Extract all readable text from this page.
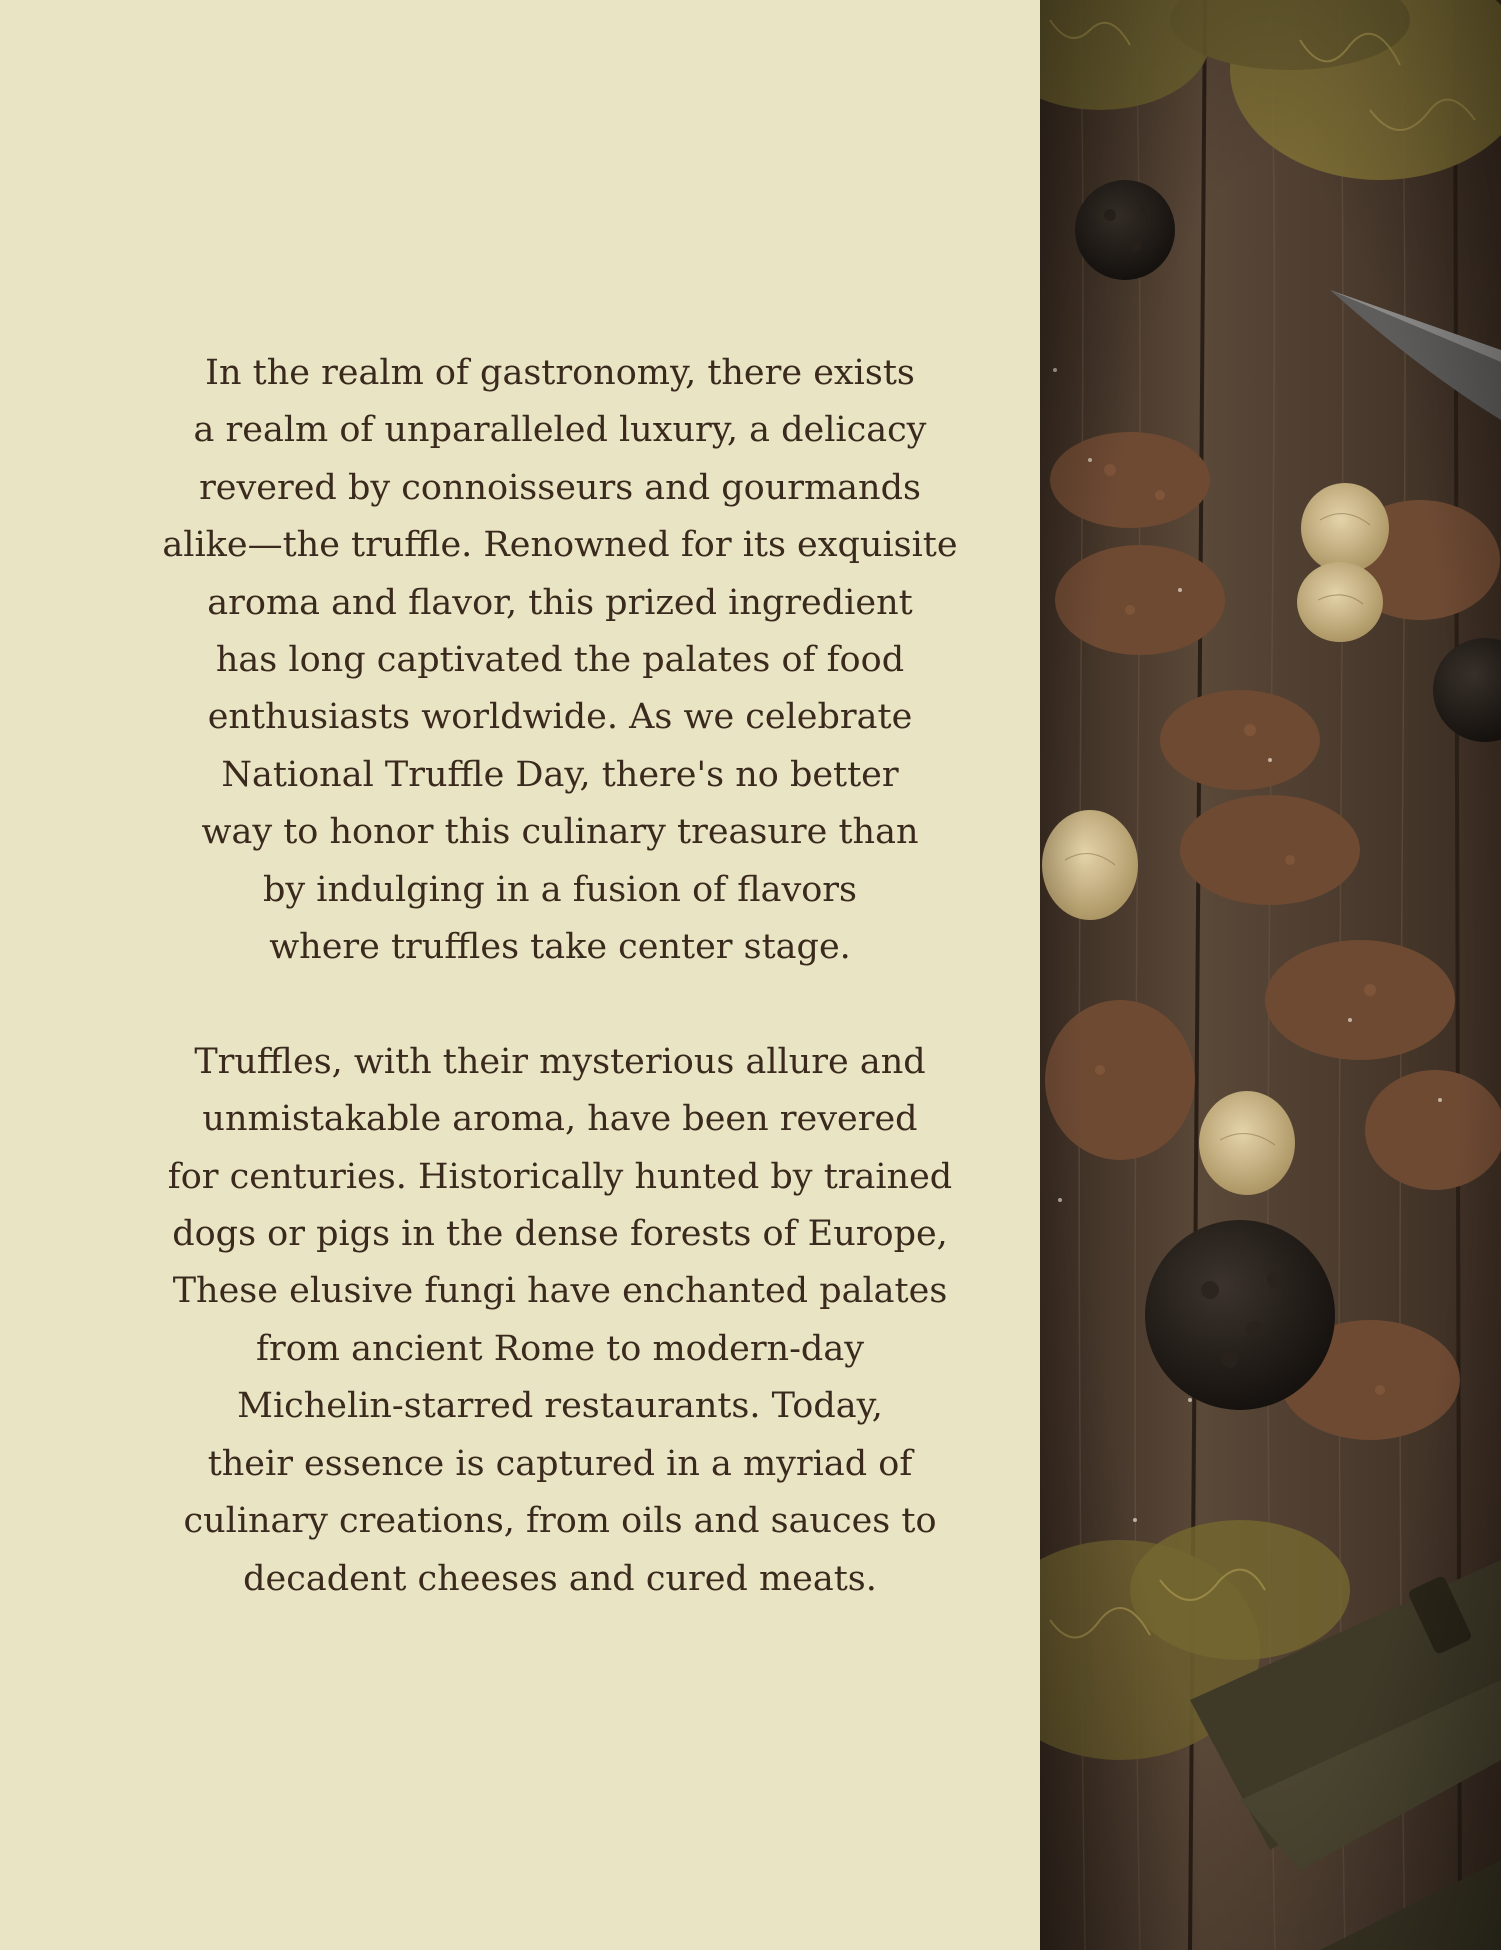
In the realm of gastronomy, there exists
a realm of unparalleled luxury, a delicacy
revered by connoisseurs and gourmands
alike—the truffle. Renowned for its exquisite
aroma and flavor, this prized ingredient
has long captivated the palates of food
enthusiasts worldwide. As we celebrate
National Truffle Day, there's no better
way to honor this culinary treasure than
by indulging in a fusion of flavors
where truffles take center stage.

Truffles, with their mysterious allure and
unmistakable aroma, have been revered
for centuries. Historically hunted by trained
dogs or pigs in the dense forests of Europe,
These elusive fungi have enchanted palates
from ancient Rome to modern-day
Michelin-starred restaurants. Today,
their essence is captured in a myriad of
culinary creations, from oils and sauces to
decadent cheeses and cured meats.
